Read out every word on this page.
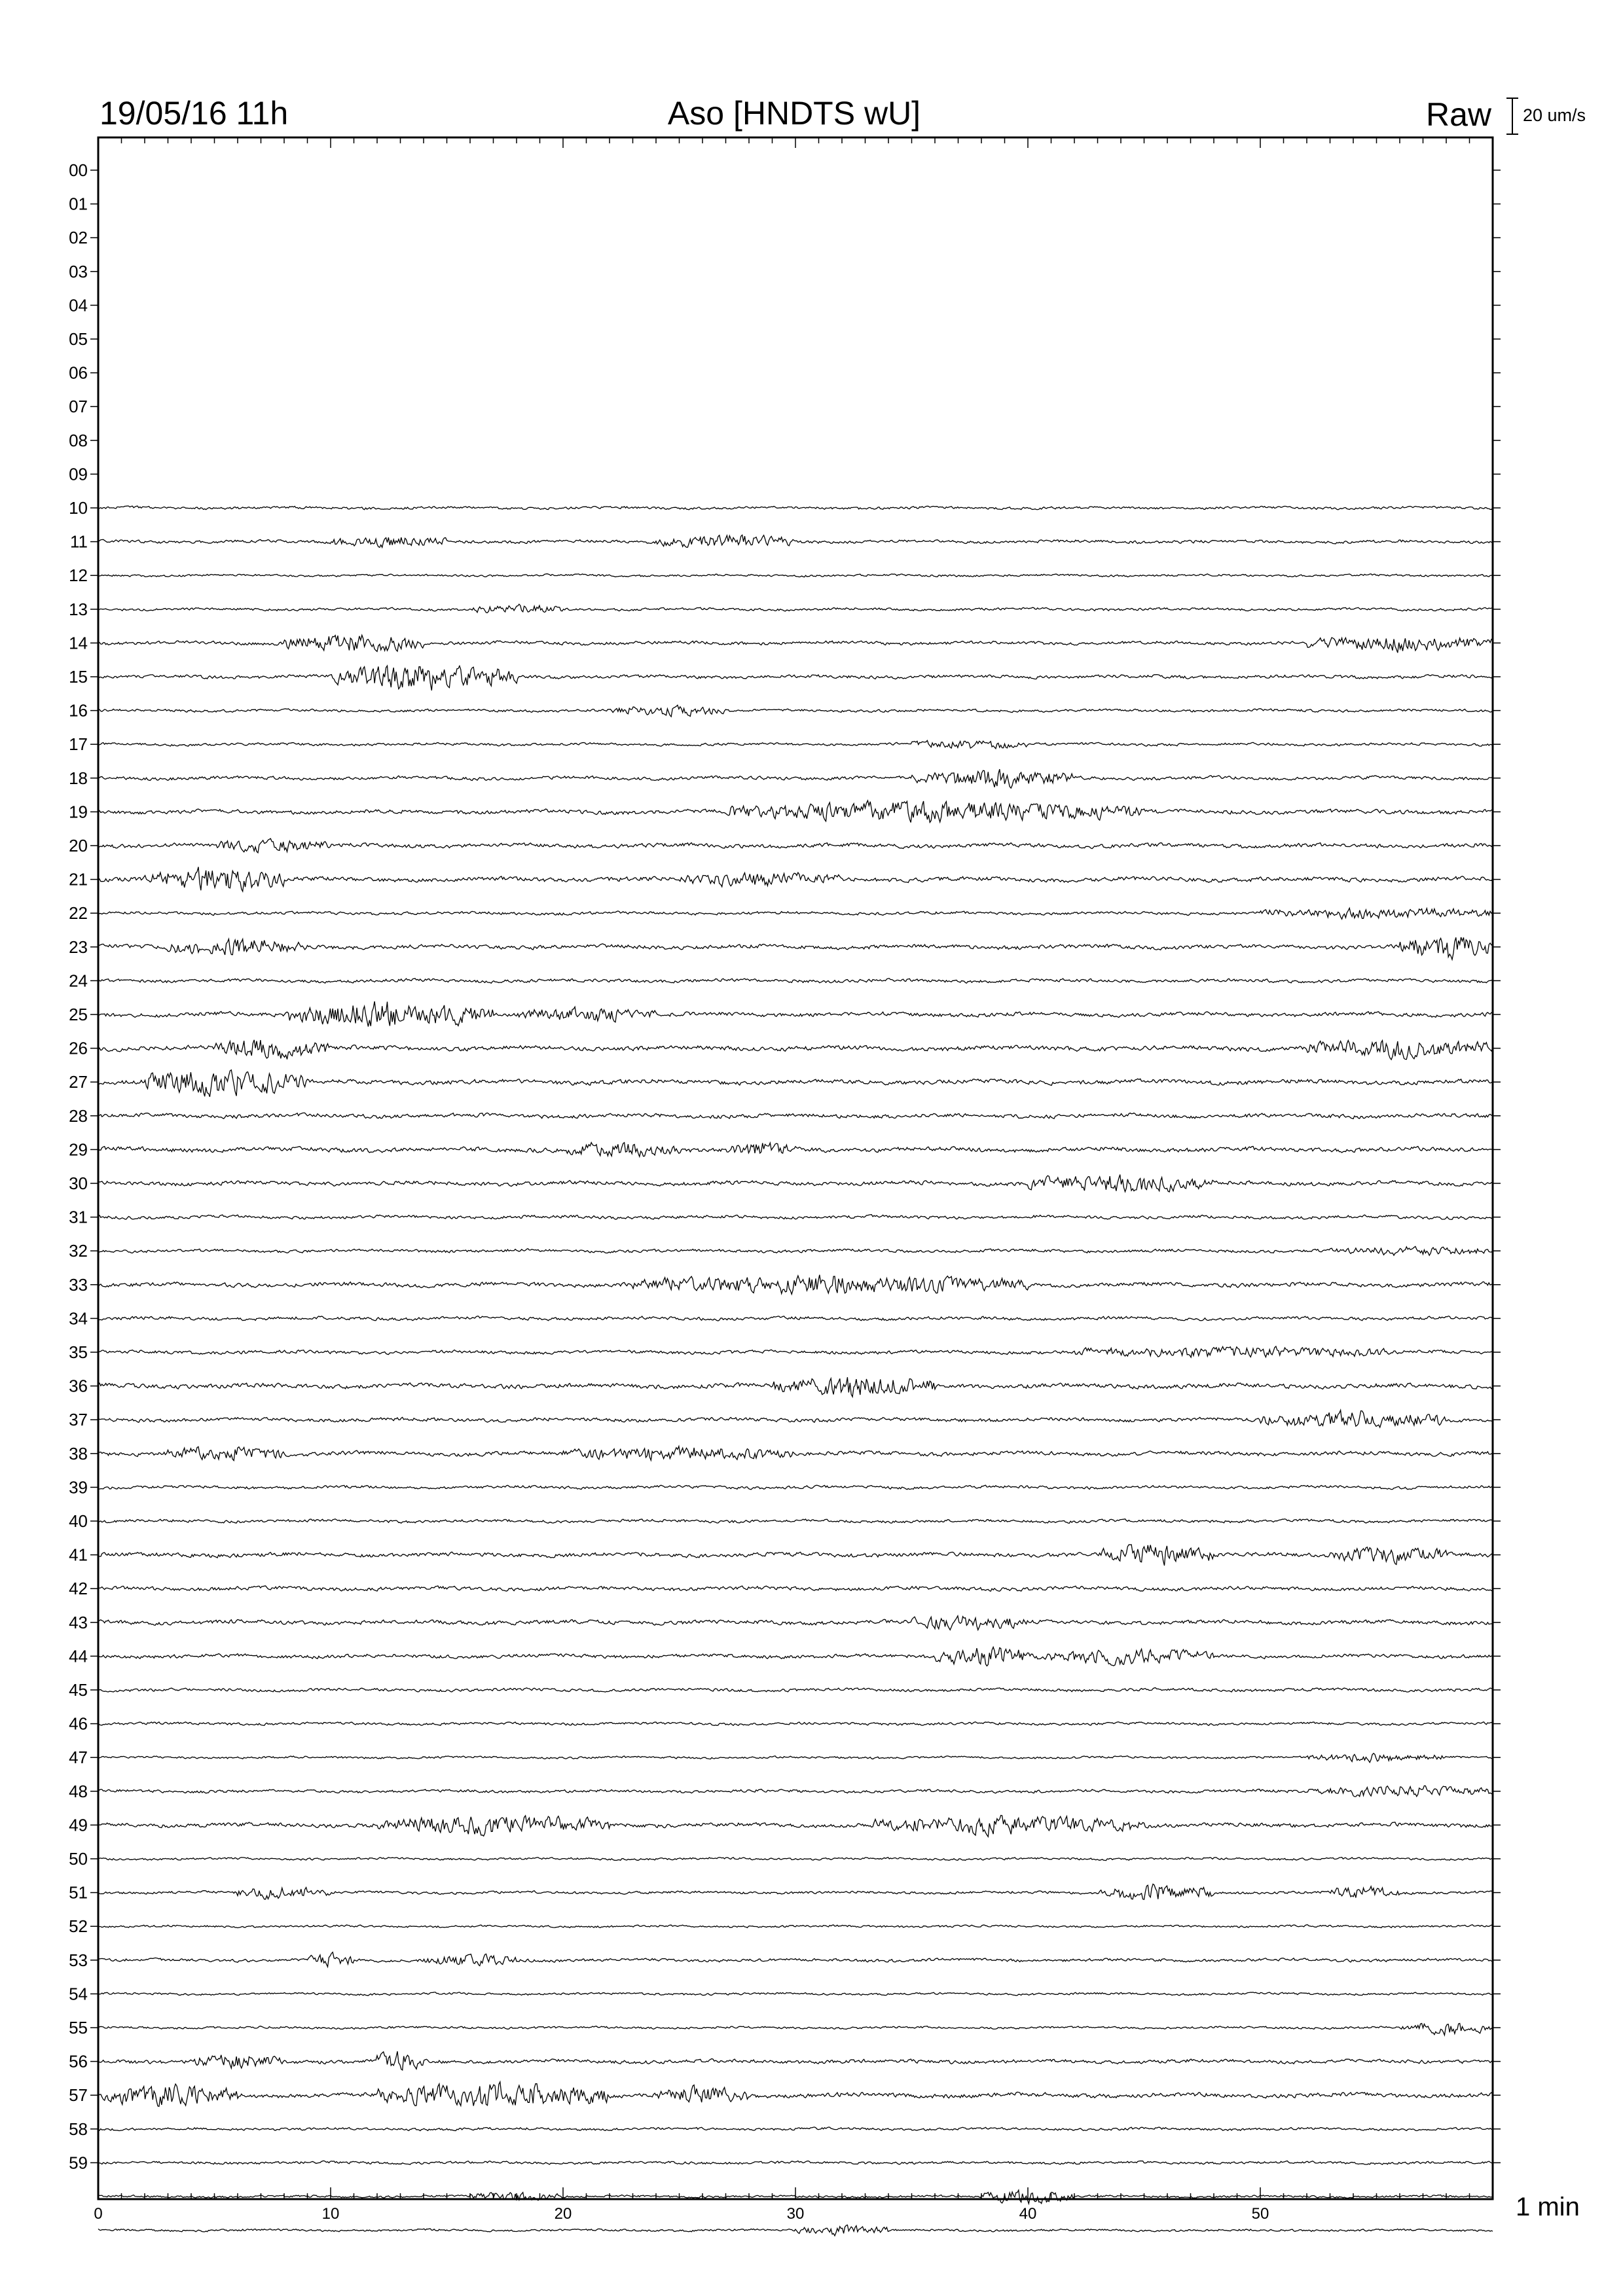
19/05/16 11h	Aso [HNDTS wU]	Raw 20 um/s
0	10	20	30	40	50
00
01
02
03
04
05
06
07
08
09
10
11
12
13
14
15
16
17
18
19
20
21
22
23
24
25
26
27
28
29
30
31
32
33
34
35
36
37
38
39
40
41
42
43
44
45
46
47
48
49
50
51
52
53
54
55
56
57
58
59
1 min
